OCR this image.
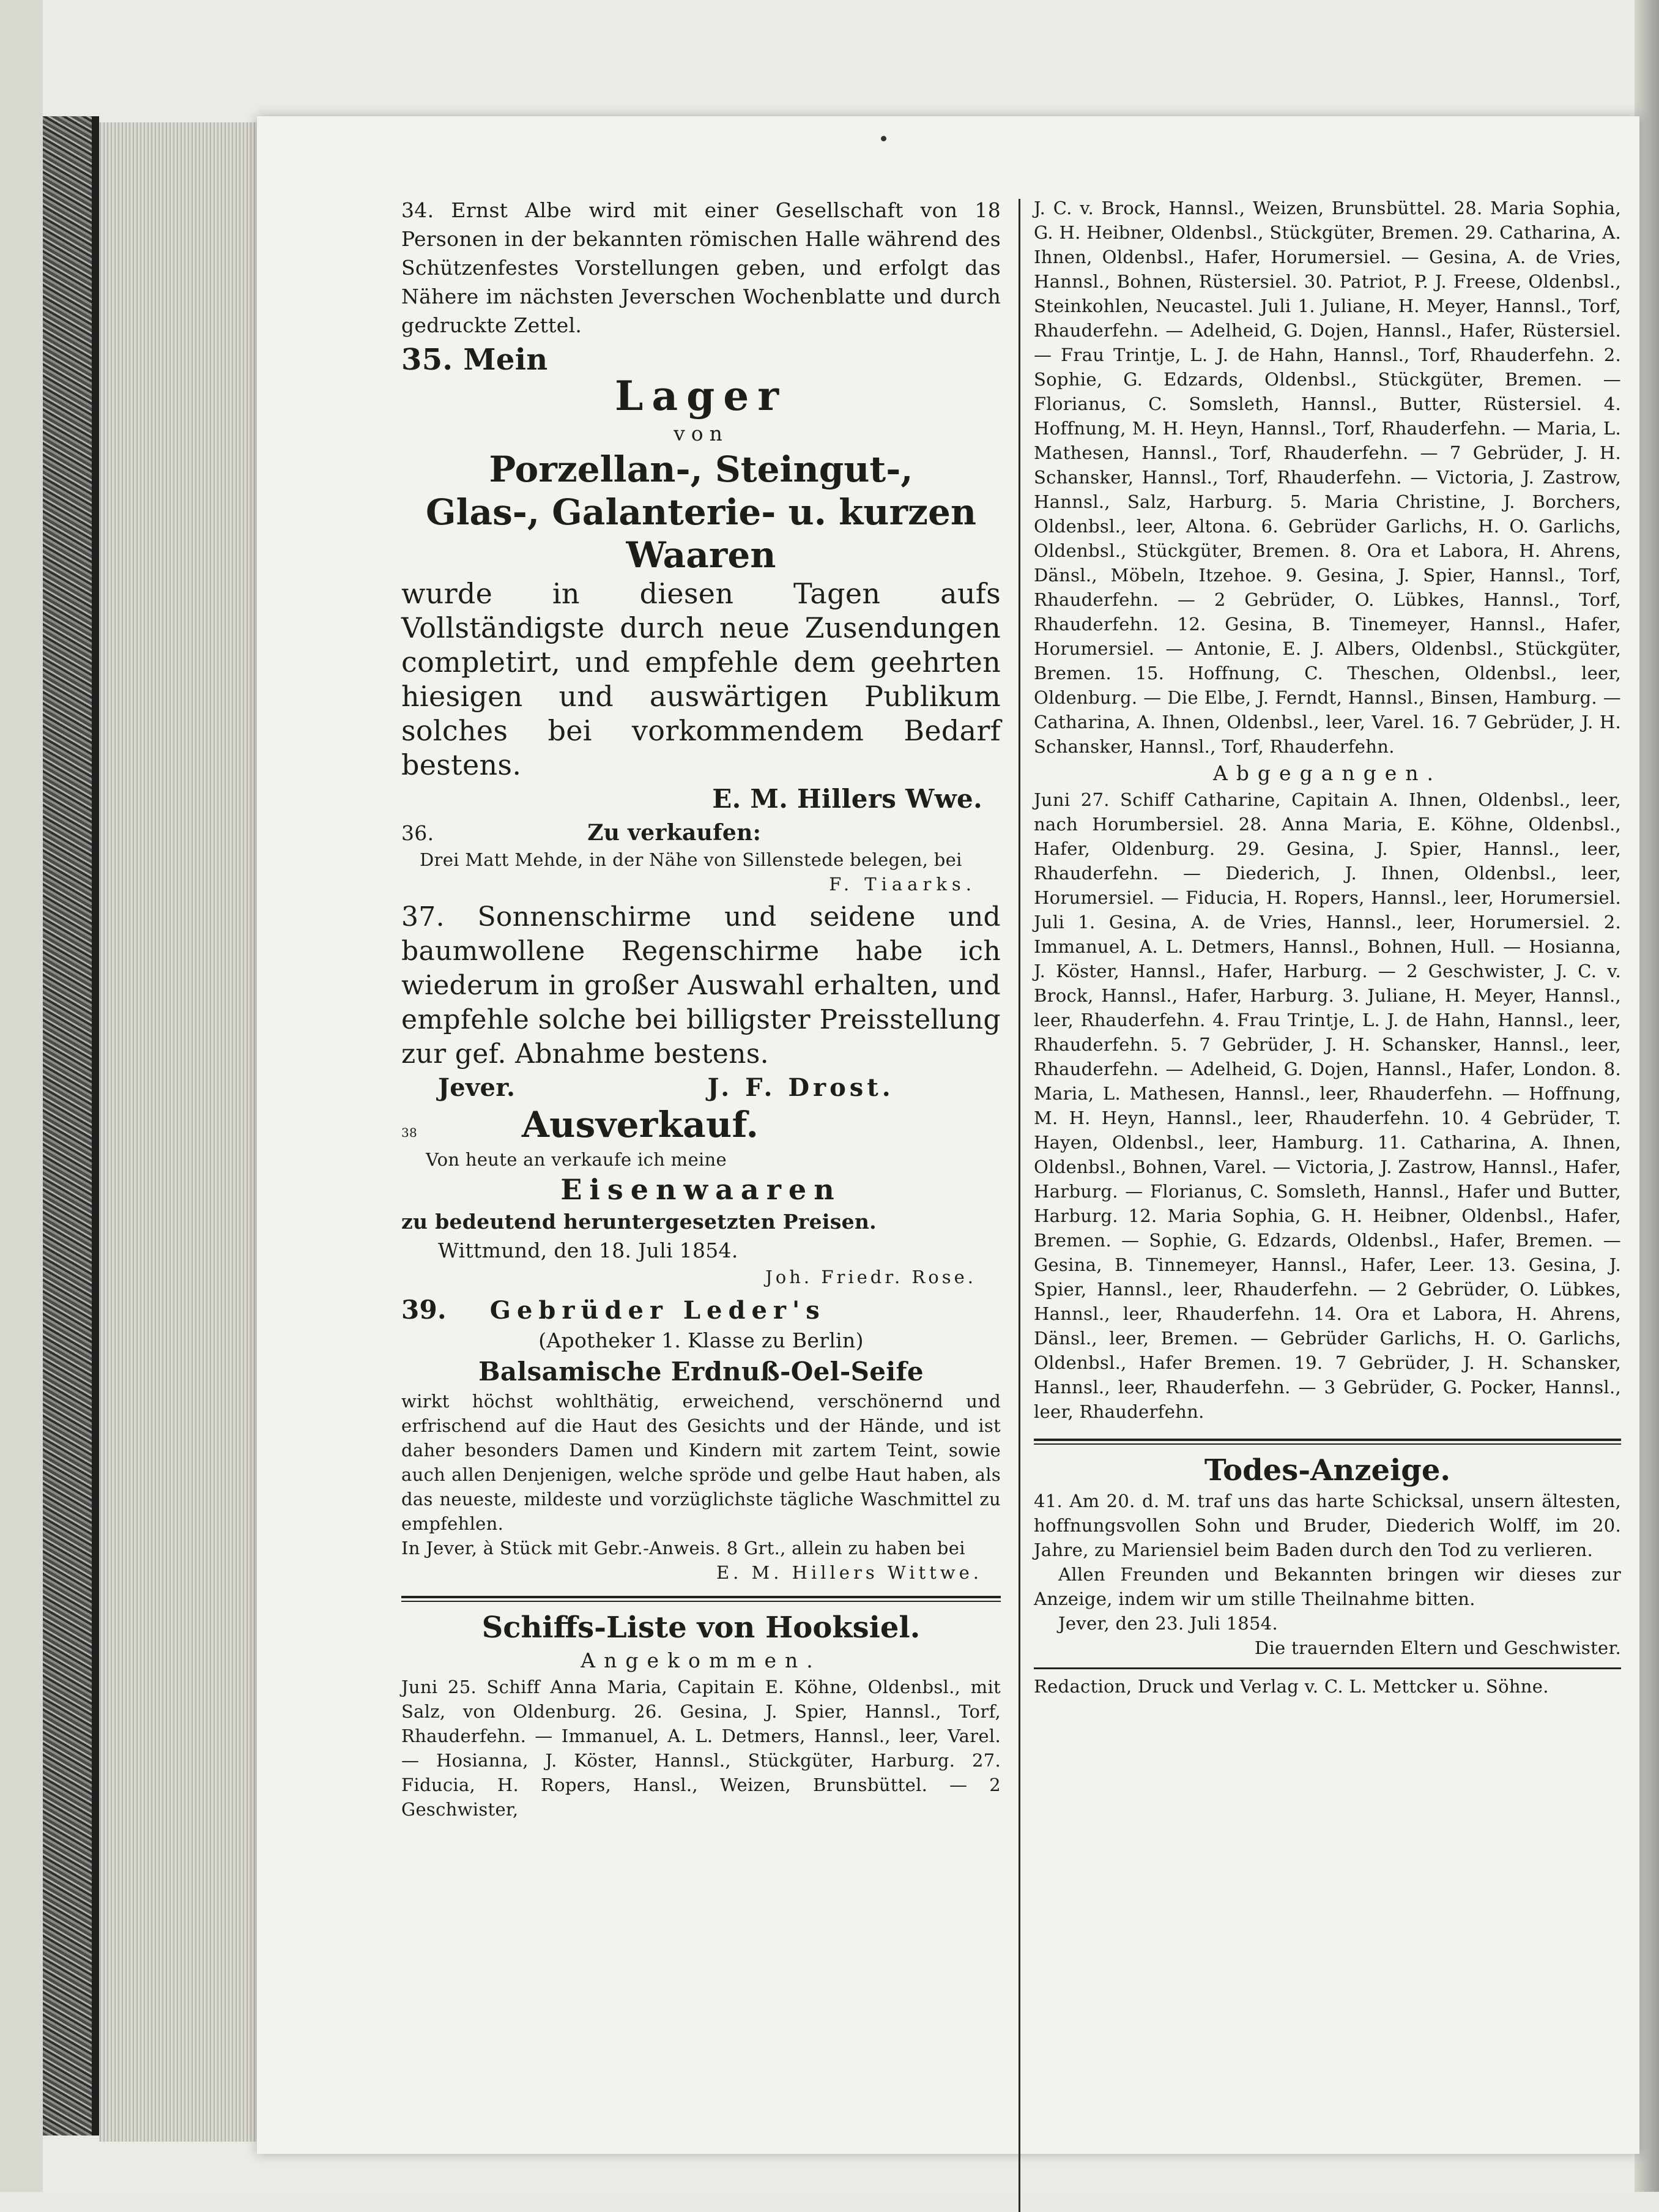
34. Ernst Albe wird mit einer Gesellschaft von 18 Personen in der bekannten römischen Halle während des Schützenfestes Vorstellungen geben, und erfolgt das Nähere im nächsten Jeverschen Wochenblatte und durch gedruckte Zettel.

35. Mein

Lager

von

Porzellan-, Steingut-,

Glas-, Galanterie- u. kurzen

Waaren

wurde in diesen Tagen aufs Vollständigste durch neue Zusendungen completirt, und empfehle dem geehrten hiesigen und auswärtigen Publikum solches bei vorkommendem Bedarf bestens.

E. M. Hillers Wwe.

36.	Zu verkaufen:

Drei Matt Mehde, in der Nähe von Sillenstede belegen, bei

F. Tiaarks.

37. Sonnenschirme und seidene und baumwollene Regenschirme habe ich wiederum in großer Auswahl erhalten, und empfehle solche bei billigster Preisstellung zur gef. Abnahme bestens.

Jever.	J. F. Drost.

38	Ausverkauf.

Von heute an verkaufe ich meine

Eisenwaaren

zu bedeutend heruntergesetzten Preisen.

Wittmund, den 18. Juli 1854.

Joh. Friedr. Rose.

39. Gebrüder Leder's

(Apotheker 1. Klasse zu Berlin)

Balsamische Erdnuß-Oel-Seife

wirkt höchst wohlthätig, erweichend, verschönernd und erfrischend auf die Haut des Gesichts und der Hände, und ist daher besonders Damen und Kindern mit zartem Teint, sowie auch allen Denjenigen, welche spröde und gelbe Haut haben, als das neueste, mildeste und vorzüglichste tägliche Waschmittel zu empfehlen.

In Jever, à Stück mit Gebr.-Anweis. 8 Grt., allein zu haben bei

E. M. Hillers Wittwe.

Schiffs-Liste von Hooksiel.

Angekommen.

Juni 25. Schiff Anna Maria, Capitain E. Köhne, Oldenbsl., mit Salz, von Oldenburg. 26. Gesina, J. Spier, Hannsl., Torf, Rhauderfehn. — Immanuel, A. L. Detmers, Hannsl., leer, Varel. — Hosianna, J. Köster, Hannsl., Stückgüter, Harburg. 27. Fiducia, H. Ropers, Hansl., Weizen, Brunsbüttel. — 2 Geschwister,

J. C. v. Brock, Hannsl., Weizen, Brunsbüttel. 28. Maria Sophia, G. H. Heibner, Oldenbsl., Stückgüter, Bremen. 29. Catharina, A. Ihnen, Oldenbsl., Hafer, Horumersiel. — Gesina, A. de Vries, Hannsl., Bohnen, Rüstersiel. 30. Patriot, P. J. Freese, Oldenbsl., Steinkohlen, Neucastel. Juli 1. Juliane, H. Meyer, Hannsl., Torf, Rhauderfehn. — Adelheid, G. Dojen, Hannsl., Hafer, Rüstersiel. — Frau Trintje, L. J. de Hahn, Hannsl., Torf, Rhauderfehn. 2. Sophie, G. Edzards, Oldenbsl., Stückgüter, Bremen. — Florianus, C. Somsleth, Hannsl., Butter, Rüstersiel. 4. Hoffnung, M. H. Heyn, Hannsl., Torf, Rhauderfehn. — Maria, L. Mathesen, Hannsl., Torf, Rhauderfehn. — 7 Gebrüder, J. H. Schansker, Hannsl., Torf, Rhauderfehn. — Victoria, J. Zastrow, Hannsl., Salz, Harburg. 5. Maria Christine, J. Borchers, Oldenbsl., leer, Altona. 6. Gebrüder Garlichs, H. O. Garlichs, Oldenbsl., Stückgüter, Bremen. 8. Ora et Labora, H. Ahrens, Dänsl., Möbeln, Itzehoe. 9. Gesina, J. Spier, Hannsl., Torf, Rhauderfehn. — 2 Gebrüder, O. Lübkes, Hannsl., Torf, Rhauderfehn. 12. Gesina, B. Tinemeyer, Hannsl., Hafer, Horumersiel. — Antonie, E. J. Albers, Oldenbsl., Stückgüter, Bremen. 15. Hoffnung, C. Theschen, Oldenbsl., leer, Oldenburg. — Die Elbe, J. Ferndt, Hannsl., Binsen, Hamburg. — Catharina, A. Ihnen, Oldenbsl., leer, Varel. 16. 7 Gebrüder, J. H. Schansker, Hannsl., Torf, Rhauderfehn.

Abgegangen.

Juni 27. Schiff Catharine, Capitain A. Ihnen, Oldenbsl., leer, nach Horumbersiel. 28. Anna Maria, E. Köhne, Oldenbsl., Hafer, Oldenburg. 29. Gesina, J. Spier, Hannsl., leer, Rhauderfehn. — Diederich, J. Ihnen, Oldenbsl., leer, Horumersiel. — Fiducia, H. Ropers, Hannsl., leer, Horumersiel. Juli 1. Gesina, A. de Vries, Hannsl., leer, Horumersiel. 2. Immanuel, A. L. Detmers, Hannsl., Bohnen, Hull. — Hosianna, J. Köster, Hannsl., Hafer, Harburg. — 2 Geschwister, J. C. v. Brock, Hannsl., Hafer, Harburg. 3. Juliane, H. Meyer, Hannsl., leer, Rhauderfehn. 4. Frau Trintje, L. J. de Hahn, Hannsl., leer, Rhauderfehn. 5. 7 Gebrüder, J. H. Schansker, Hannsl., leer, Rhauderfehn. — Adelheid, G. Dojen, Hannsl., Hafer, London. 8. Maria, L. Mathesen, Hannsl., leer, Rhauderfehn. — Hoffnung, M. H. Heyn, Hannsl., leer, Rhauderfehn. 10. 4 Gebrüder, T. Hayen, Oldenbsl., leer, Hamburg. 11. Catharina, A. Ihnen, Oldenbsl., Bohnen, Varel. — Victoria, J. Zastrow, Hannsl., Hafer, Harburg. — Florianus, C. Somsleth, Hannsl., Hafer und Butter, Harburg. 12. Maria Sophia, G. H. Heibner, Oldenbsl., Hafer, Bremen. — Sophie, G. Edzards, Oldenbsl., Hafer, Bremen. — Gesina, B. Tinnemeyer, Hannsl., Hafer, Leer. 13. Gesina, J. Spier, Hannsl., leer, Rhauderfehn. — 2 Gebrüder, O. Lübkes, Hannsl., leer, Rhauderfehn. 14. Ora et Labora, H. Ahrens, Dänsl., leer, Bremen. — Gebrüder Garlichs, H. O. Garlichs, Oldenbsl., Hafer Bremen. 19. 7 Gebrüder, J. H. Schansker, Hannsl., leer, Rhauderfehn. — 3 Gebrüder, G. Pocker, Hannsl., leer, Rhauderfehn.

Todes-Anzeige.

41. Am 20. d. M. traf uns das harte Schicksal, unsern ältesten, hoffnungsvollen Sohn und Bruder, Diederich Wolff, im 20. Jahre, zu Mariensiel beim Baden durch den Tod zu verlieren.

Allen Freunden und Bekannten bringen wir dieses zur Anzeige, indem wir um stille Theilnahme bitten.

Jever, den 23. Juli 1854.

Die trauernden Eltern und Geschwister.

Redaction, Druck und Verlag v. C. L. Mettcker u. Söhne.
